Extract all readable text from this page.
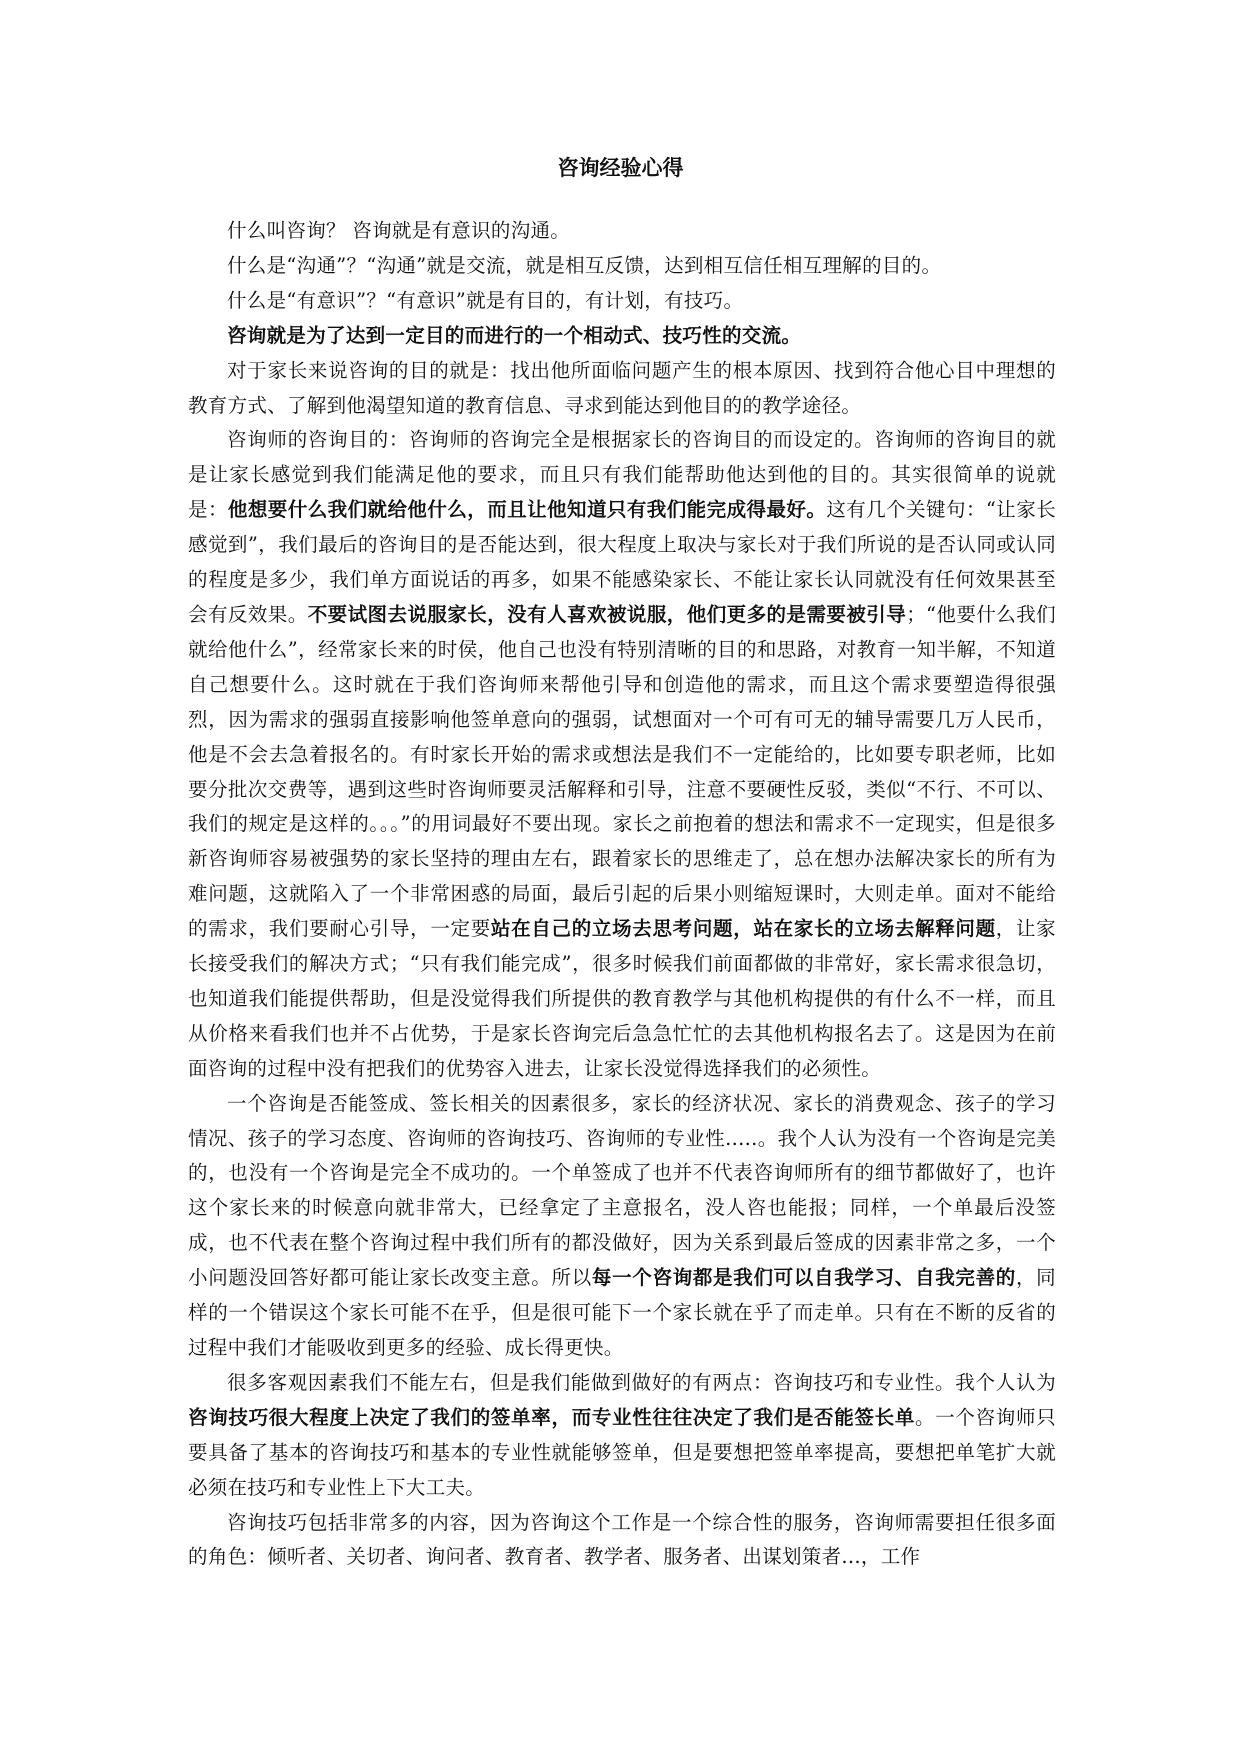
咨询经验心得

什么叫咨询？ 咨询就是有意识的沟通。

什么是“沟通”？“沟通”就是交流，就是相互反馈，达到相互信任相互理解的目的。

什么是“有意识”？“有意识”就是有目的，有计划，有技巧。

咨询就是为了达到一定目的而进行的一个相动式、技巧性的交流。

对于家长来说咨询的目的就是：找出他所面临问题产生的根本原因、找到符合他心目中理想的教育方式、了解到他渴望知道的教育信息、寻求到能达到他目的的教学途径。

咨询师的咨询目的：咨询师的咨询完全是根据家长的咨询目的而设定的。咨询师的咨询目的就是让家长感觉到我们能满足他的要求，而且只有我们能帮助他达到他的目的。其实很简单的说就是：他想要什么我们就给他什么，而且让他知道只有我们能完成得最好。这有几个关键句：“让家长感觉到”，我们最后的咨询目的是否能达到，很大程度上取决与家长对于我们所说的是否认同或认同的程度是多少，我们单方面说话的再多，如果不能感染家长、不能让家长认同就没有任何效果甚至会有反效果。不要试图去说服家长，没有人喜欢被说服，他们更多的是需要被引导；“他要什么我们就给他什么”，经常家长来的时侯，他自己也没有特别清晰的目的和思路，对教育一知半解，不知道自己想要什么。这时就在于我们咨询师来帮他引导和创造他的需求，而且这个需求要塑造得很强烈，因为需求的强弱直接影响他签单意向的强弱，试想面对一个可有可无的辅导需要几万人民币，他是不会去急着报名的。有时家长开始的需求或想法是我们不一定能给的，比如要专职老师，比如要分批次交费等，遇到这些时咨询师要灵活解释和引导，注意不要硬性反驳，类似“不行、不可以、我们的规定是这样的。。。”的用词最好不要出现。家长之前抱着的想法和需求不一定现实，但是很多新咨询师容易被强势的家长坚持的理由左右，跟着家长的思维走了，总在想办法解决家长的所有为难问题，这就陷入了一个非常困惑的局面，最后引起的后果小则缩短课时，大则走单。面对不能给的需求，我们要耐心引导，一定要站在自己的立场去思考问题，站在家长的立场去解释问题，让家长接受我们的解决方式；“只有我们能完成”，很多时候我们前面都做的非常好，家长需求很急切，也知道我们能提供帮助，但是没觉得我们所提供的教育教学与其他机构提供的有什么不一样，而且从价格来看我们也并不占优势，于是家长咨询完后急急忙忙的去其他机构报名去了。这是因为在前面咨询的过程中没有把我们的优势容入进去，让家长没觉得选择我们的必须性。

一个咨询是否能签成、签长相关的因素很多，家长的经济状况、家长的消费观念、孩子的学习情况、孩子的学习态度、咨询师的咨询技巧、咨询师的专业性.....。我个人认为没有一个咨询是完美的，也没有一个咨询是完全不成功的。一个单签成了也并不代表咨询师所有的细节都做好了，也许这个家长来的时候意向就非常大，已经拿定了主意报名，没人咨也能报；同样，一个单最后没签成，也不代表在整个咨询过程中我们所有的都没做好，因为关系到最后签成的因素非常之多，一个小问题没回答好都可能让家长改变主意。所以每一个咨询都是我们可以自我学习、自我完善的，同样的一个错误这个家长可能不在乎，但是很可能下一个家长就在乎了而走单。只有在不断的反省的过程中我们才能吸收到更多的经验、成长得更快。

很多客观因素我们不能左右，但是我们能做到做好的有两点：咨询技巧和专业性。我个人认为咨询技巧很大程度上决定了我们的签单率，而专业性往往决定了我们是否能签长单。一个咨询师只要具备了基本的咨询技巧和基本的专业性就能够签单，但是要想把签单率提高，要想把单笔扩大就必须在技巧和专业性上下大工夫。

咨询技巧包括非常多的内容，因为咨询这个工作是一个综合性的服务，咨询师需要担任很多面的角色：倾听者、关切者、询问者、教育者、教学者、服务者、出谋划策者...，工作
